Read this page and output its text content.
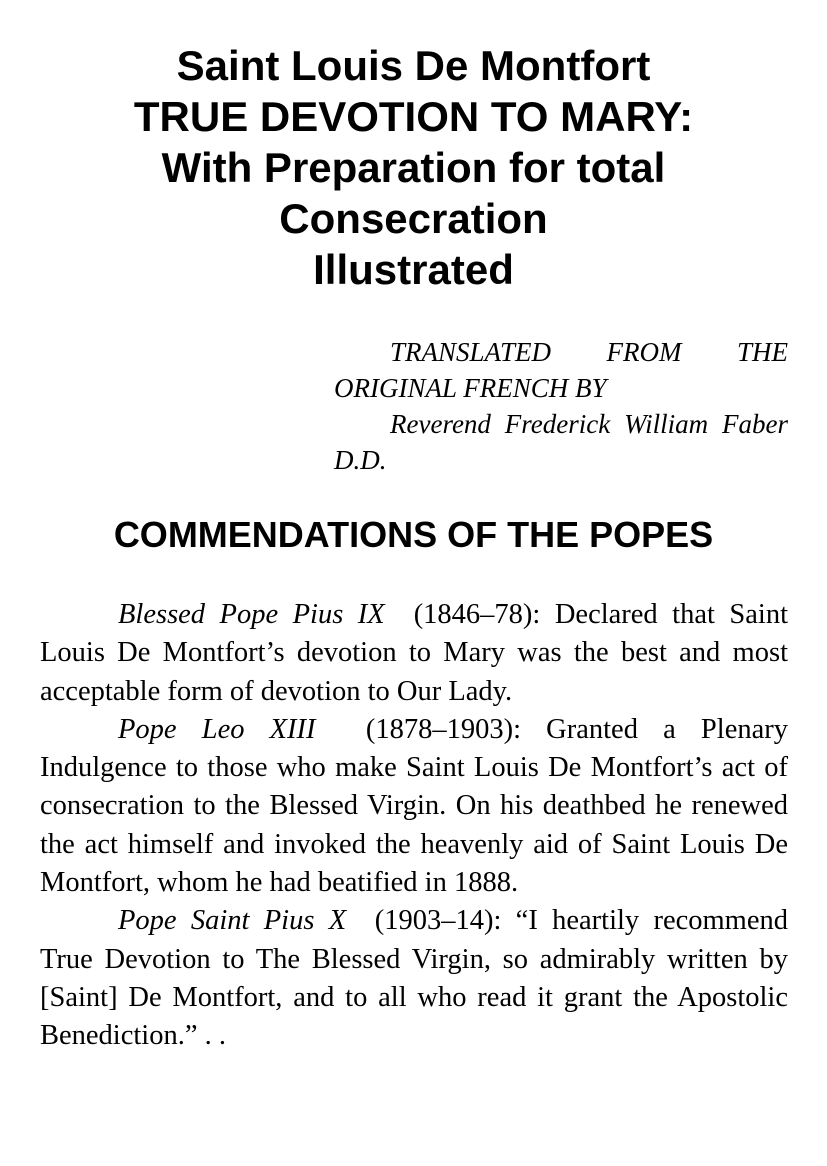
Saint Louis De Montfort
TRUE DEVOTION TO MARY:
With Preparation for total
Consecration
Illustrated

TRANSLATED FROM THE ORIGINAL FRENCH BY

Reverend Frederick William Faber D.D.

COMMENDATIONS OF THE POPES

Blessed Pope Pius IX (1846–78): Declared that Saint Louis De Montfort’s devotion to Mary was the best and most acceptable form of devotion to Our Lady.

Pope Leo XIII (1878–1903): Granted a Plenary Indulgence to those who make Saint Louis De Montfort’s act of consecration to the Blessed Virgin. On his deathbed he renewed the act himself and invoked the heavenly aid of Saint Louis De Montfort, whom he had beatified in 1888.

Pope Saint Pius X (1903–14): “I heartily recommend True Devotion to The Blessed Virgin, so admirably written by [Saint] De Montfort, and to all who read it grant the Apostolic Benediction.” . .
